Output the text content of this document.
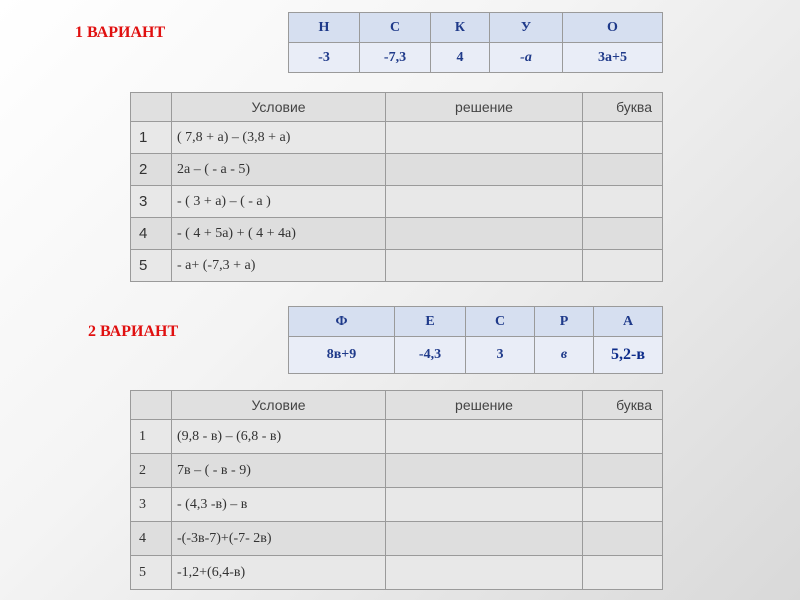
1 ВАРИАНТ	Н	С	К	У	О
-3	-7,3	4	-а	3а+5
	Условие	решение	буква
1	( 7,8 + а) – (3,8 + а)		
2	2а – ( - а - 5)		
3	- ( 3 + а) – ( - а )		
4	- ( 4 + 5а) + ( 4 + 4а)		
5	- а+ (-7,3 + а)		
2 ВАРИАНТ
Ф	Е	С	Р	А
8в+9	-4,3	3	в	5,2-в
	Условие	решение	буква
1	(9,8 - в) – (6,8 - в)		
2	7в – ( - в - 9)		
3	- (4,3 -в) – в		
4	-(-3в-7)+(-7- 2в)		
5	-1,2+(6,4-в)		
